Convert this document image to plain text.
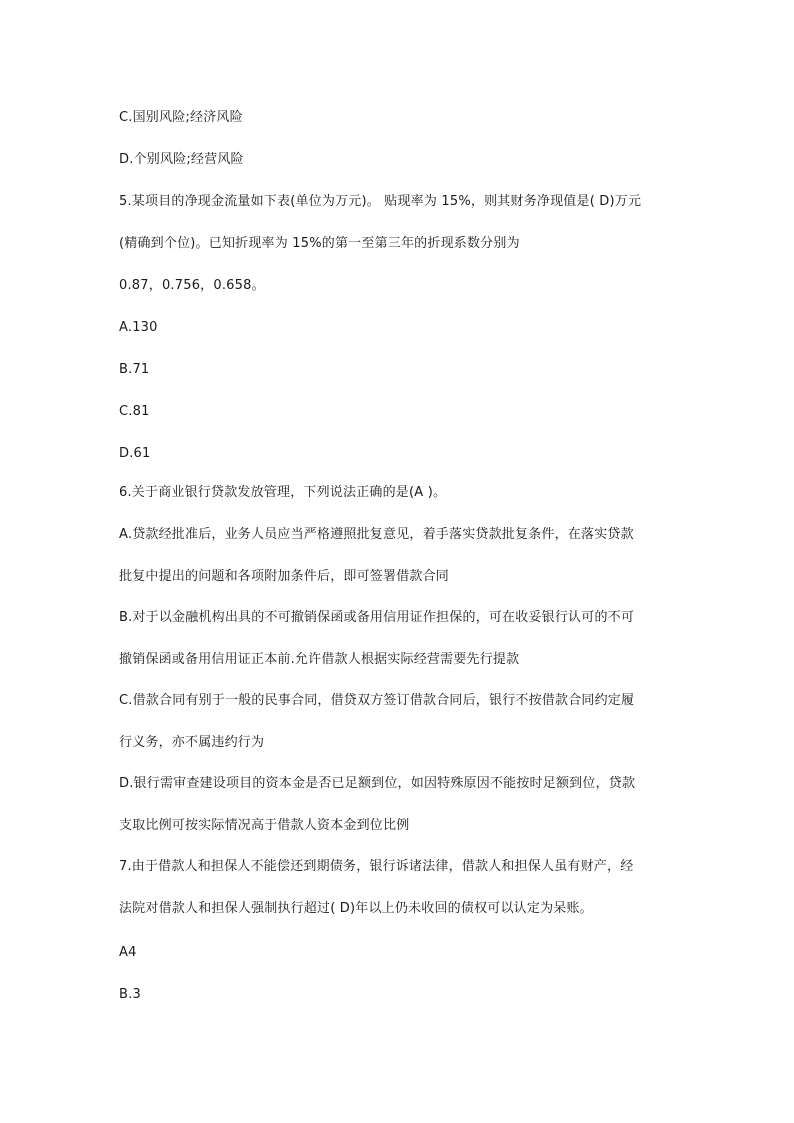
C.国别风险;经济风险
D.个别风险;经营风险
5.某项目的净现金流量如下表(单位为万元)。 贴现率为 15%，则其财务净现值是( D)万元
(精确到个位)。已知折现率为 15%的第一至第三年的折现系数分别为
0.87，0.756，0.658。
A.130
B.71
C.81
D.61
6.关于商业银行贷款发放管理，下列说法正确的是(A )。
A.贷款经批准后，业务人员应当严格遵照批复意见，着手落实贷款批复条件，在落实贷款
批复中提出的问题和各项附加条件后，即可签署借款合同
B.对于以金融机构出具的不可撤销保函或备用信用证作担保的，可在收妥银行认可的不可
撤销保函或备用信用证正本前.允许借款人根据实际经营需要先行提款
C.借款合同有别于一般的民事合同，借贷双方签订借款合同后，银行不按借款合同约定履
行义务，亦不属违约行为
D.银行需审查建设项目的资本金是否已足额到位，如因特殊原因不能按时足额到位，贷款
支取比例可按实际情况高于借款人资本金到位比例
7.由于借款人和担保人不能偿还到期债务，银行诉诸法律，借款人和担保人虽有财产，经
法院对借款人和担保人强制执行超过( D)年以上仍未收回的债权可以认定为呆账。
A4
B.3
